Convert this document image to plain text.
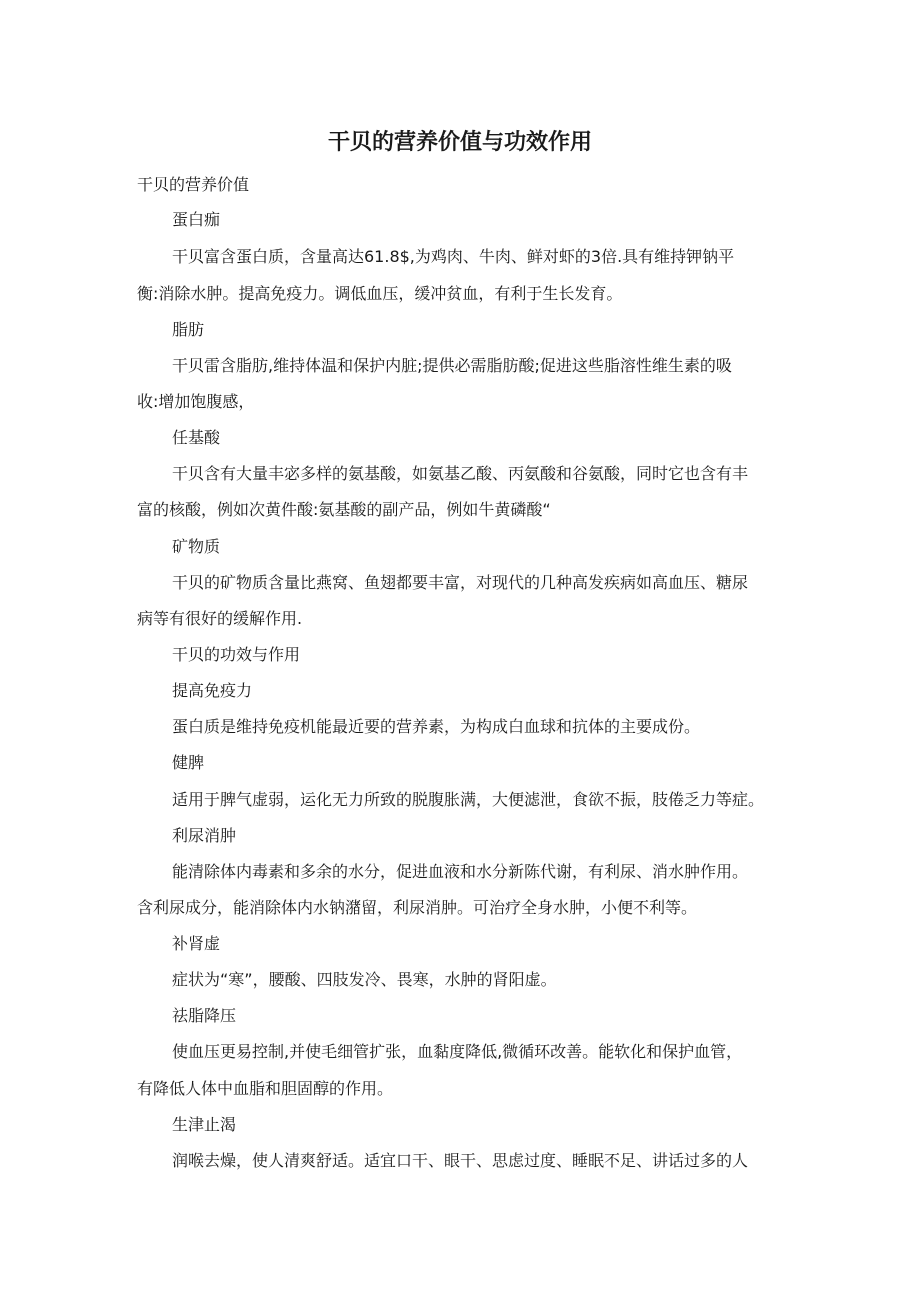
干贝的营养价值与功效作用

干贝的营养价值

蛋白痂

干贝富含蛋白质，含量高达61.8$,为鸡肉、牛肉、鲜对虾的3倍.具有维持钾钠平

衡:消除水肿。提高免疫力。调低血压，缓冲贫血，有利于生长发育。

脂肪

干贝雷含脂肪,维持体温和保护内脏;提供必需脂肪酸;促进这些脂溶性维生素的吸

收:增加饱腹感，

任基酸

干贝含有大量丰宓多样的氨基酸，如氨基乙酸、丙氨酸和谷氨酸，同时它也含有丰

富的核酸，例如次黄件酸:氨基酸的副产品，例如牛黄磷酸“

矿物质

干贝的矿物质含量比燕窝、鱼翅都要丰富，对现代的几种高发疾病如高血压、糖尿

病等有很好的缓解作用.

干贝的功效与作用

提高免疫力

蛋白质是维持免疫机能最近要的营养素，为构成白血球和抗体的主要成份。

健脾

适用于脾气虚弱，运化无力所致的脱腹胀满，大便滤泄，食欲不振，肢倦乏力等症。

利尿消肿

能清除体内毒素和多余的水分，促进血液和水分新陈代谢，有利尿、消水肿作用。

含利尿成分，能消除体内水钠潴留，利尿消肿。可治疗全身水肿，小便不利等。

补肾虚

症状为“寒”，腰酸、四肢发冷、畏寒，水肿的肾阳虚。

祛脂降压

使血压更易控制,并使毛细管扩张，血黏度降低,微循环改善。能软化和保护血管，

有降低人体中血脂和胆固醇的作用。

生津止渴

润喉去燥，使人清爽舒适。适宜口干、眼干、思虑过度、睡眠不足、讲话过多的人
